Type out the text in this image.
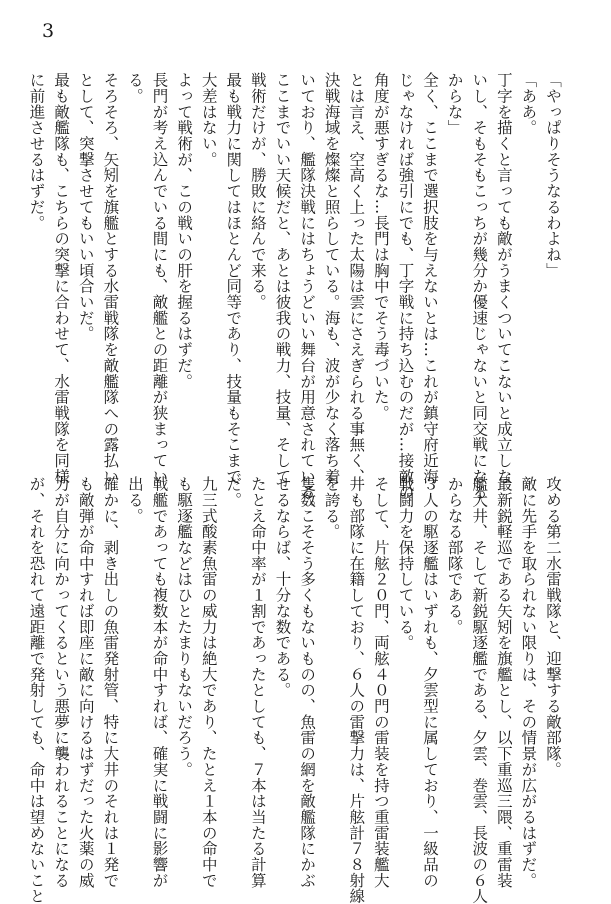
3
「やっぱりそうなるわよね」
「ああ。
丁字を描くと言っても敵がうまくついてこないと成立しな
いし、そもそもこっちが幾分か優速じゃないと同交戦になる
からな」
全く、ここまで選択肢を与えないとは…これが鎮守府近海
じゃなければ強引にでも、丁字戦に持ち込むのだが…接敵の
角度が悪すぎるな…長門は胸中でそう毒づいた。
とは言え、空高く上った太陽は雲にさえぎられる事無く、
決戦海域を燦燦と照らしている。海も、波が少なく落ち着
いており、艦隊決戦にはちょうどいい舞台が用意されている。
ここまでいい天候だと、あとは彼我の戦力、技量、そして
戦術だけが、勝敗に絡んで来る。
最も戦力に関してはほとんど同等であり、技量もそこまで
大差はない。
よって戦術が、この戦いの肝を握るはずだ。
長門が考え込んでいる間にも、敵艦との距離が狭まってい
る。
そろそろ、矢矧を旗艦とする水雷戦隊を敵艦隊への露払い
として、突撃させてもいい頃合いだ。
最も敵艦隊も、こちらの突撃に合わせて、水雷戦隊を同様
に前進させるはずだ。
攻める第二水雷戦隊と、迎撃する敵部隊。
敵に先手を取られない限りは、その情景が広がるはずだ。
最新鋭軽巡である矢矧を旗艦とし、以下重巡三隈、重雷装
艦大井、そして新鋭駆逐艦である、夕雲、巻雲、長波の６人
からなる部隊である。
３人の駆逐艦はいずれも、夕雲型に属しており、一級品の
戦闘力を保持している。
そして、片舷２０門、両舷４０門の雷装を持つ重雷装艦大
井も部隊に在籍しており、６人の雷撃力は、片舷計７８射線
を誇る。
隻数こそそう多くもないものの、魚雷の網を敵艦隊にかぶ
せるならば、十分な数である。
たとえ命中率が１割であったとしても、７本は当たる計算
だ。
九三式酸素魚雷の威力は絶大であり、たとえ１本の命中で
も駆逐艦などはひとたまりもないだろう。
戦艦であっても複数本が命中すれば、確実に戦闘に影響が
出る。
確かに、剥き出しの魚雷発射管、特に大井のそれは１発で
も敵弾が命中すれば即座に敵に向けるはずだった火薬の威
力が自分に向かってくるという悪夢に襲われることになる
が、それを恐れて遠距離で発射しても、命中は望めないこと
